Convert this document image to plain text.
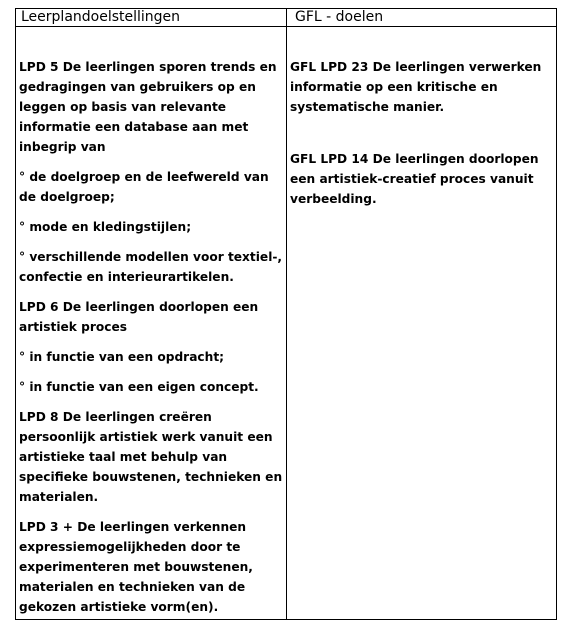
Leerplandoelstellingen	GFL - doelen

LPD 5 De leerlingen sporen trends en gedragingen van gebruikers op en leggen op basis van relevante informatie een database aan met inbegrip van

° de doelgroep en de leefwereld van de doelgroep;

° mode en kledingstijlen;

° verschillende modellen voor textiel-, confectie en interieurartikelen.

LPD 6 De leerlingen doorlopen een artistiek proces

° in functie van een opdracht;

° in functie van een eigen concept.

LPD 8 De leerlingen creëren persoonlijk artistiek werk vanuit een artistieke taal met behulp van specifieke bouwstenen, technieken en materialen.

LPD 3 + De leerlingen verkennen expressiemogelijkheden door te experimenteren met bouwstenen, materialen en technieken van de gekozen artistieke vorm(en).

GFL LPD 23 De leerlingen verwerken informatie op een kritische en systematische manier.

GFL LPD 14 De leerlingen doorlopen een artistiek-creatief proces vanuit verbeelding.
